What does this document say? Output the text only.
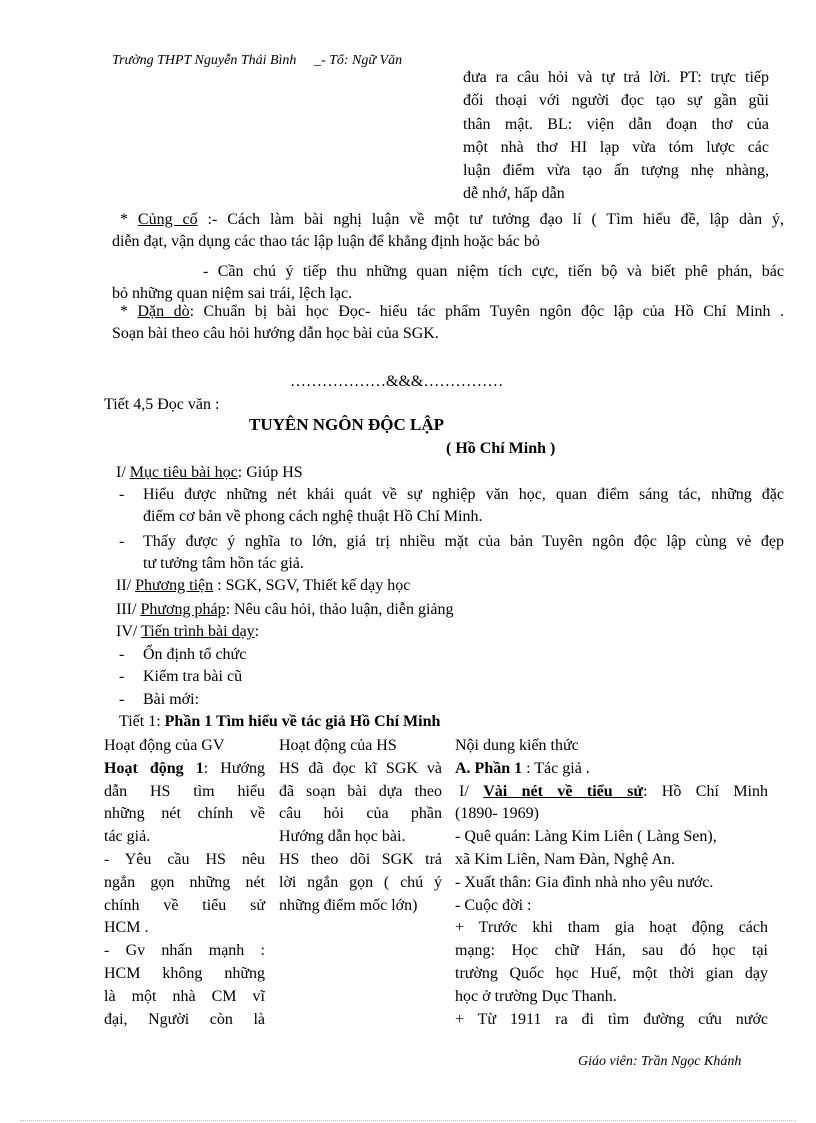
Trường THPT Nguyễn Thái Bình _- Tổ: Ngữ Văn
đưa ra câu hỏi và tự trả lời. PT: trực tiếp
đối thoại với người đọc tạo sự gần gũi
thân mật. BL: viện dẫn đoạn thơ của
một nhà thơ HI lạp vừa tóm lược các
luận điểm vừa tạo ấn tượng nhẹ nhàng,
dễ nhớ, hấp dẫn
* Củng cố :- Cách làm bài nghị luận về một tư tưởng đạo lí ( Tìm hiểu đề, lập dàn ý,
diễn đạt, vận dụng các thao tác lập luận để khẳng định hoặc bác bỏ
- Cần chú ý tiếp thu những quan niệm tích cực, tiến bộ và biết phê phán, bác
bỏ những quan niệm sai trái, lệch lạc.
* Dặn dò: Chuẩn bị bài học Đọc- hiểu tác phẩm Tuyên ngôn độc lập của Hồ Chí Minh .
Soạn bài theo câu hỏi hướng dẫn học bài của SGK.
………………&&&……………
Tiết 4,5 Đọc văn :
TUYÊN NGÔN ĐỘC LẬP
( Hồ Chí Minh )
I/ Mục tiêu bài học: Giúp HS
- Hiểu được những nét khái quát về sự nghiệp văn học, quan điểm sáng tác, những đặc
điểm cơ bản về phong cách nghệ thuật Hồ Chí Minh.
- Thấy được ý nghĩa to lớn, giá trị nhiều mặt của bản Tuyên ngôn độc lập cùng vẻ đẹp
tư tưởng tâm hồn tác giả.
II/ Phương tiện : SGK, SGV, Thiết kế dạy học
III/ Phương pháp: Nêu câu hỏi, thảo luận, diễn giảng
IV/ Tiến trình bài dạy:
- Ổn định tổ chức
- Kiểm tra bài cũ
- Bài mới:
Tiết 1: Phần 1 Tìm hiểu về tác giả Hồ Chí Minh

Hoạt động của GV

Hoạt động 1: Hướng

dẫn HS tìm hiểu

những nét chính về

tác giả.

- Yêu cầu HS nêu

ngắn gọn những nét

chính về tiểu sử

HCM .

- Gv nhấn mạnh :

HCM không những

là một nhà CM vĩ

đại, Người còn là

Hoạt động của HS

HS đã đọc kĩ SGK và

đã soạn bài dựa theo

câu hỏi của phần

Hướng dẫn học bài.

HS theo dõi SGK trả

lời ngắn gọn ( chú ý

những điểm mốc lớn)

Nội dung kiến thức

A. Phần 1 : Tác giả .

I/ Vài nét về tiểu sử: Hồ Chí Minh

(1890- 1969)

- Quê quán: Làng Kim Liên ( Làng Sen),

xã Kim Liên, Nam Đàn, Nghệ An.

- Xuất thân: Gia đình nhà nho yêu nước.

- Cuộc đời :

+ Trước khi tham gia hoạt động cách

mạng: Học chữ Hán, sau đó học tại

trường Quốc học Huế, một thời gian dạy

học ở trường Dục Thanh.

+ Từ 1911 ra đi tìm đường cứu nước

Giáo viên: Trần Ngọc Khánh
